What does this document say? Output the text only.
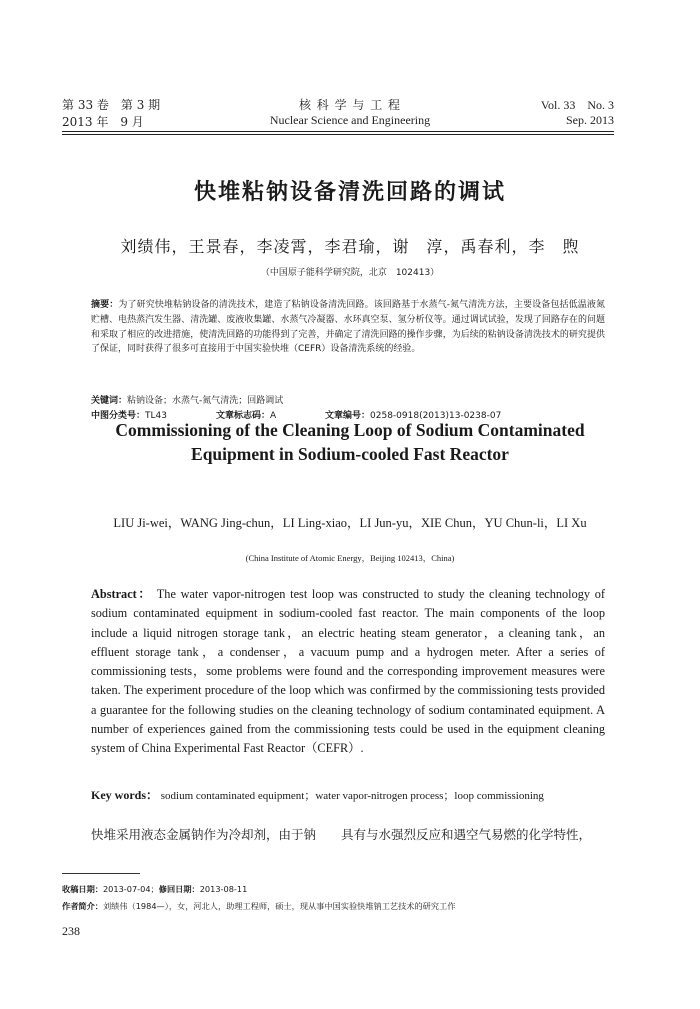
第 33 卷　第 3 期
2013 年　9 月
核 科 学 与 工 程
Nuclear Science and Engineering
Vol. 33　No. 3
Sep. 2013
快堆粘钠设备清洗回路的调试
刘绩伟，王景春，李凌霄，李君瑜，谢　淳，禹春利，李　煦
（中国原子能科学研究院，北京　102413）
摘要：为了研究快堆粘钠设备的清洗技术，建造了粘钠设备清洗回路。该回路基于水蒸气-氮气清洗方法，主要设备包括低温液氮贮槽、电热蒸汽发生器、清洗罐、废液收集罐、水蒸气冷凝器、水环真空泵、氢分析仪等。通过调试试验，发现了回路存在的问题和采取了相应的改进措施，使清洗回路的功能得到了完善，并确定了清洗回路的操作步骤，为后续的粘钠设备清洗技术的研究提供了保证，同时获得了很多可直接用于中国实验快堆（CEFR）设备清洗系统的经验。
关键词：粘钠设备；水蒸气-氮气清洗；回路调试
中图分类号：TL43	文章标志码：A	文章编号：0258-0918(2013)13-0238-07
Commissioning of the Cleaning Loop of Sodium Contaminated
Equipment in Sodium-cooled Fast Reactor
LIU Ji-wei，WANG Jing-chun，LI Ling-xiao，LI Jun-yu，XIE Chun，YU Chun-li，LI Xu
(China Institute of Atomic Energy，Beijing 102413，China)
Abstract： The water vapor-nitrogen test loop was constructed to study the cleaning technology of sodium contaminated equipment in sodium-cooled fast reactor. The main components of the loop include a liquid nitrogen storage tank，an electric heating steam generator，a cleaning tank，an effluent storage tank，a condenser，a vacuum pump and a hydrogen meter. After a series of commissioning tests，some problems were found and the corresponding improvement measures were taken. The experiment procedure of the loop which was confirmed by the commissioning tests provided a guarantee for the following studies on the cleaning technology of sodium contaminated equipment. A number of experiences gained from the commissioning tests could be used in the equipment cleaning system of China Experimental Fast Reactor（CEFR）.
Key words： sodium contaminated equipment；water vapor-nitrogen process；loop commissioning
快堆采用液态金属钠作为冷却剂，由于钠　　具有与水强烈反应和遇空气易燃的化学特性，
收稿日期：2013-07-04；修回日期：2013-08-11
作者简介：刘绩伟（1984—），女，河北人，助理工程师，硕士，现从事中国实验快堆钠工艺技术的研究工作
238
